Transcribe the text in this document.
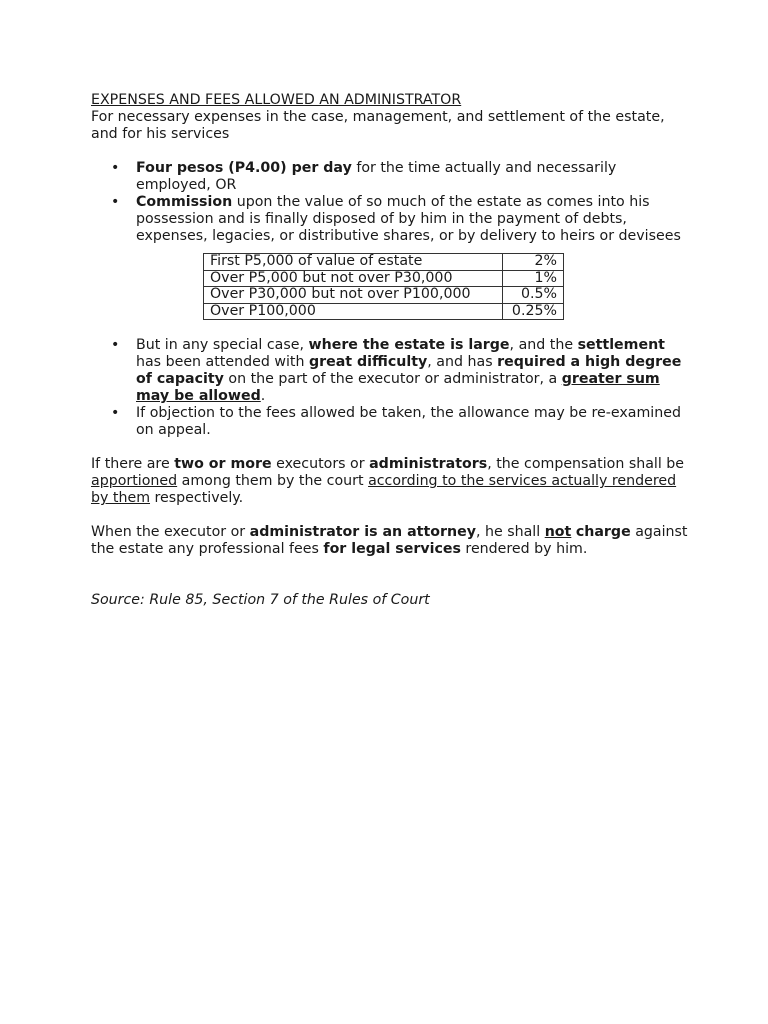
EXPENSES AND FEES ALLOWED AN ADMINISTRATOR

For necessary expenses in the case, management, and settlement of the estate, and for his services

• Four pesos (P4.00) per day for the time actually and necessarily employed, OR
• Commission upon the value of so much of the estate as comes into his possession and is finally disposed of by him in the payment of debts, expenses, legacies, or distributive shares, or by delivery to heirs or devisees
First P5,000 of value of estate	2%
Over P5,000 but not over P30,000	1%
Over P30,000 but not over P100,000	0.5%
Over P100,000	0.25%
• But in any special case, where the estate is large, and the settlement has been attended with great difficulty, and has required a high degree of capacity on the part of the executor or administrator, a greater sum may be allowed.
• If objection to the fees allowed be taken, the allowance may be re-examined on appeal.

If there are two or more executors or administrators, the compensation shall be apportioned among them by the court according to the services actually rendered by them respectively.

When the executor or administrator is an attorney, he shall not charge against the estate any professional fees for legal services rendered by him.

Source: Rule 85, Section 7 of the Rules of Court
